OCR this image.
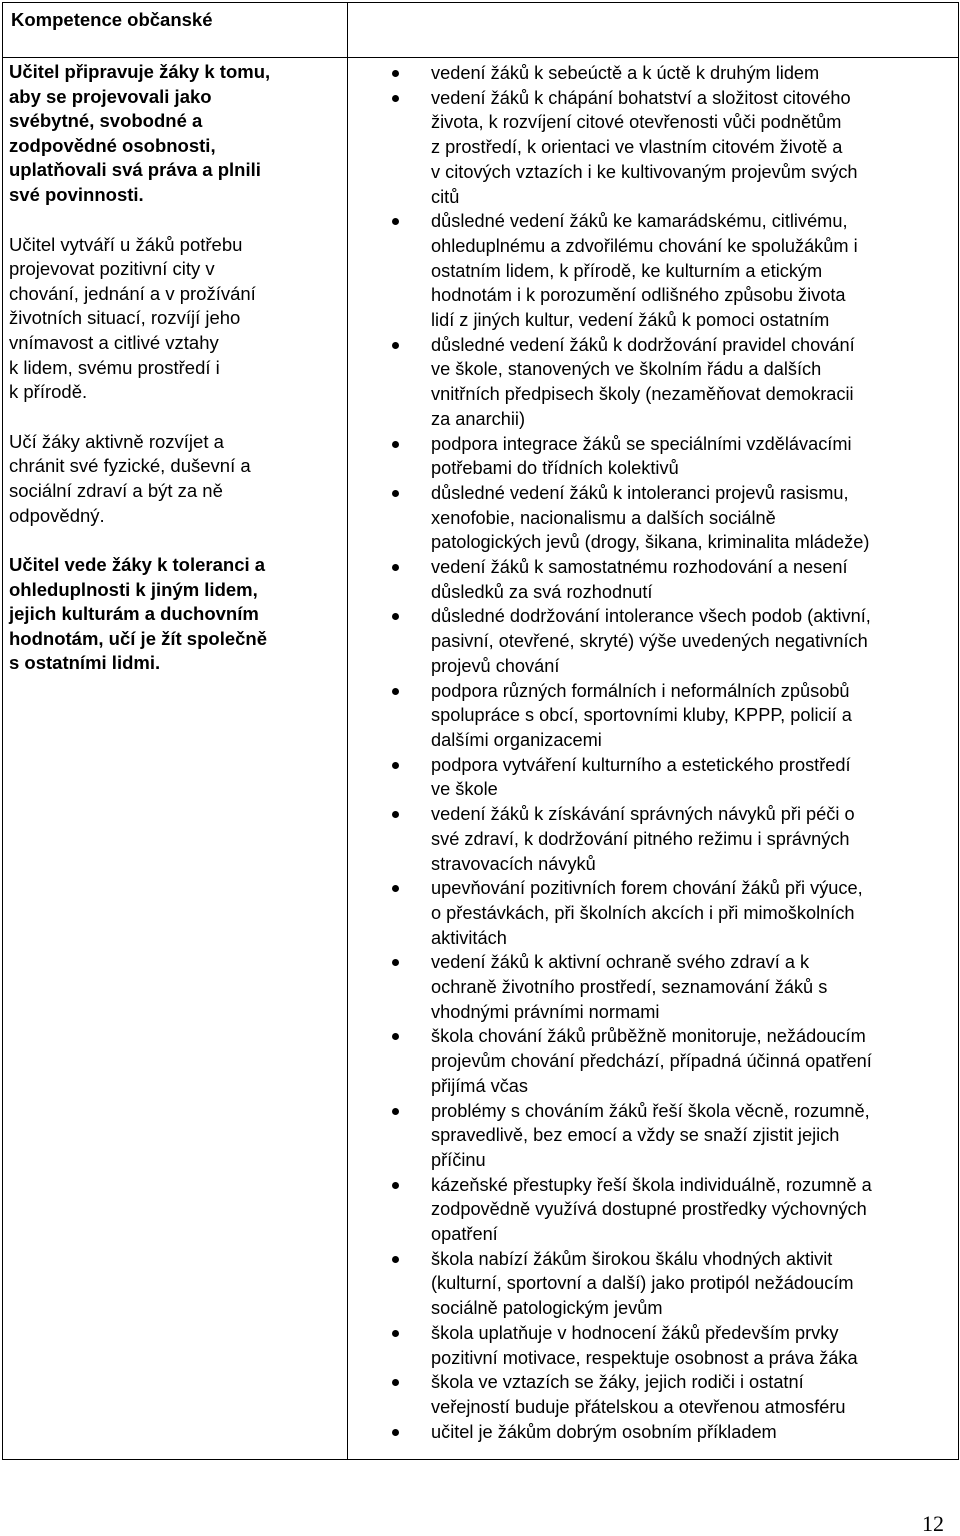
Kompetence občanské

Učitel připravuje žáky k tomu,
aby se projevovali jako
svébytné, svobodné a
zodpovědné osobnosti,
uplatňovali svá práva a plnili
své povinnosti.

Učitel vytváří u žáků potřebu
projevovat pozitivní city v
chování, jednání a v prožívání
životních situací, rozvíjí jeho
vnímavost a citlivé vztahy
k lidem, svému prostředí i
k přírodě.

Učí žáky aktivně rozvíjet a
chránit své fyzické, duševní a
sociální zdraví a být za ně
odpovědný.

Učitel vede žáky k toleranci a
ohleduplnosti k jiným lidem,
jejich kulturám a duchovním
hodnotám, učí je žít společně
s ostatními lidmi.

vedení žáků k sebeúctě a k úctě k druhým lidem
vedení žáků k chápání bohatství a složitost citového
života, k rozvíjení citové otevřenosti vůči podnětům
z prostředí, k orientaci ve vlastním citovém životě a
v citových vztazích i ke kultivovaným projevům svých
citů
důsledné vedení žáků ke kamarádskému, citlivému,
ohleduplnému a zdvořilému chování ke spolužákům i
ostatním lidem, k přírodě, ke kulturním a etickým
hodnotám i k porozumění odlišného způsobu života
lidí z jiných kultur, vedení žáků k pomoci ostatním
důsledné vedení žáků k dodržování pravidel chování
ve škole, stanovených ve školním řádu a dalších
vnitřních předpisech školy (nezaměňovat demokracii
za anarchii)
podpora integrace žáků se speciálními vzdělávacími
potřebami do třídních kolektivů
důsledné vedení žáků k intoleranci projevů rasismu,
xenofobie, nacionalismu a dalších sociálně
patologických jevů (drogy, šikana, kriminalita mládeže)
vedení žáků k samostatnému rozhodování a nesení
důsledků za svá rozhodnutí
důsledné dodržování intolerance všech podob (aktivní,
pasivní, otevřené, skryté) výše uvedených negativních
projevů chování
podpora různých formálních i neformálních způsobů
spolupráce s obcí, sportovními kluby, KPPP, policií a
dalšími organizacemi
podpora vytváření kulturního a estetického prostředí
ve škole
vedení žáků k získávání správných návyků při péči o
své zdraví, k dodržování pitného režimu i správných
stravovacích návyků
upevňování pozitivních forem chování žáků při výuce,
o přestávkách, při školních akcích i při mimoškolních
aktivitách
vedení žáků k aktivní ochraně svého zdraví a k
ochraně životního prostředí, seznamování žáků s
vhodnými právními normami
škola chování žáků průběžně monitoruje, nežádoucím
projevům chování předchází, případná účinná opatření
přijímá včas
problémy s chováním žáků řeší škola věcně, rozumně,
spravedlivě, bez emocí a vždy se snaží zjistit jejich
příčinu
kázeňské přestupky řeší škola individuálně, rozumně a
zodpovědně využívá dostupné prostředky výchovných
opatření
škola nabízí žákům širokou škálu vhodných aktivit
(kulturní, sportovní a další) jako protipól nežádoucím
sociálně patologickým jevům
škola uplatňuje v hodnocení žáků především prvky
pozitivní motivace, respektuje osobnost a práva žáka
škola ve vztazích se žáky, jejich rodiči i ostatní
veřejností buduje přátelskou a otevřenou atmosféru
učitel je žákům dobrým osobním příkladem
12
